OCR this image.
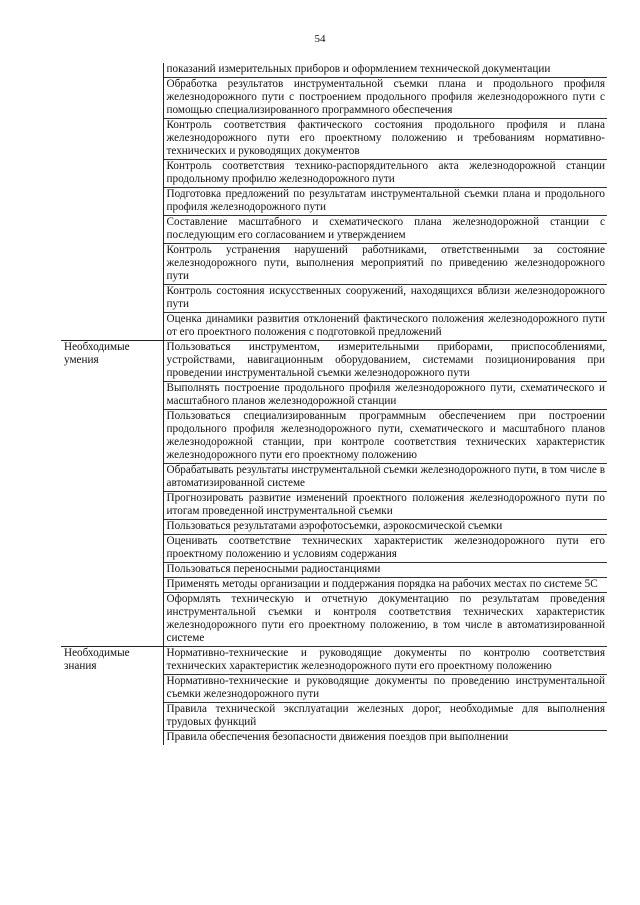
54
	показаний измерительных приборов и оформлением технической документации
	Обработка результатов инструментальной съемки плана и продольного профиля железнодорожного пути с построением продольного профиля железнодорожного пути с помощью специализированного программного обеспечения
	Контроль соответствия фактического состояния продольного профиля и плана железнодорожного пути его проектному положению и требованиям нормативно-технических и руководящих документов
	Контроль соответствия технико-распорядительного акта железнодорожной станции продольному профилю железнодорожного пути
	Подготовка предложений по результатам инструментальной съемки плана и продольного профиля железнодорожного пути
	Составление масштабного и схематического плана железнодорожной станции с последующим его согласованием и утверждением
	Контроль устранения нарушений работниками, ответственными за состояние железнодорожного пути, выполнения мероприятий по приведению железнодорожного пути
	Контроль состояния искусственных сооружений, находящихся вблизи железнодорожного пути
	Оценка динамики развития отклонений фактического положения железнодорожного пути от его проектного положения с подготовкой предложений
Необходимые умения	Пользоваться инструментом, измерительными приборами, приспособлениями, устройствами, навигационным оборудованием, системами позиционирования при проведении инструментальной съемки железнодорожного пути
	Выполнять построение продольного профиля железнодорожного пути, схематического и масштабного планов железнодорожной станции
	Пользоваться специализированным программным обеспечением при построении продольного профиля железнодорожного пути, схематического и масштабного планов железнодорожной станции, при контроле соответствия технических характеристик железнодорожного пути его проектному положению
	Обрабатывать результаты инструментальной съемки железнодорожного пути, в том числе в автоматизированной системе
	Прогнозировать развитие изменений проектного положения железнодорожного пути по итогам проведенной инструментальной съемки
	Пользоваться результатами аэрофотосъемки, аэрокосмической съемки
	Оценивать соответствие технических характеристик железнодорожного пути его проектному положению и условиям содержания
	Пользоваться переносными радиостанциями
	Применять методы организации и поддержания порядка на рабочих местах по системе 5С
	Оформлять техническую и отчетную документацию по результатам проведения инструментальной съемки и контроля соответствия технических характеристик железнодорожного пути его проектному положению, в том числе в автоматизированной системе
Необходимые знания	Нормативно-технические и руководящие документы по контролю соответствия технических характеристик железнодорожного пути его проектному положению
	Нормативно-технические и руководящие документы по проведению инструментальной съемки железнодорожного пути
	Правила технической эксплуатации железных дорог, необходимые для выполнения трудовых функций
	Правила обеспечения безопасности движения поездов при выполнении
